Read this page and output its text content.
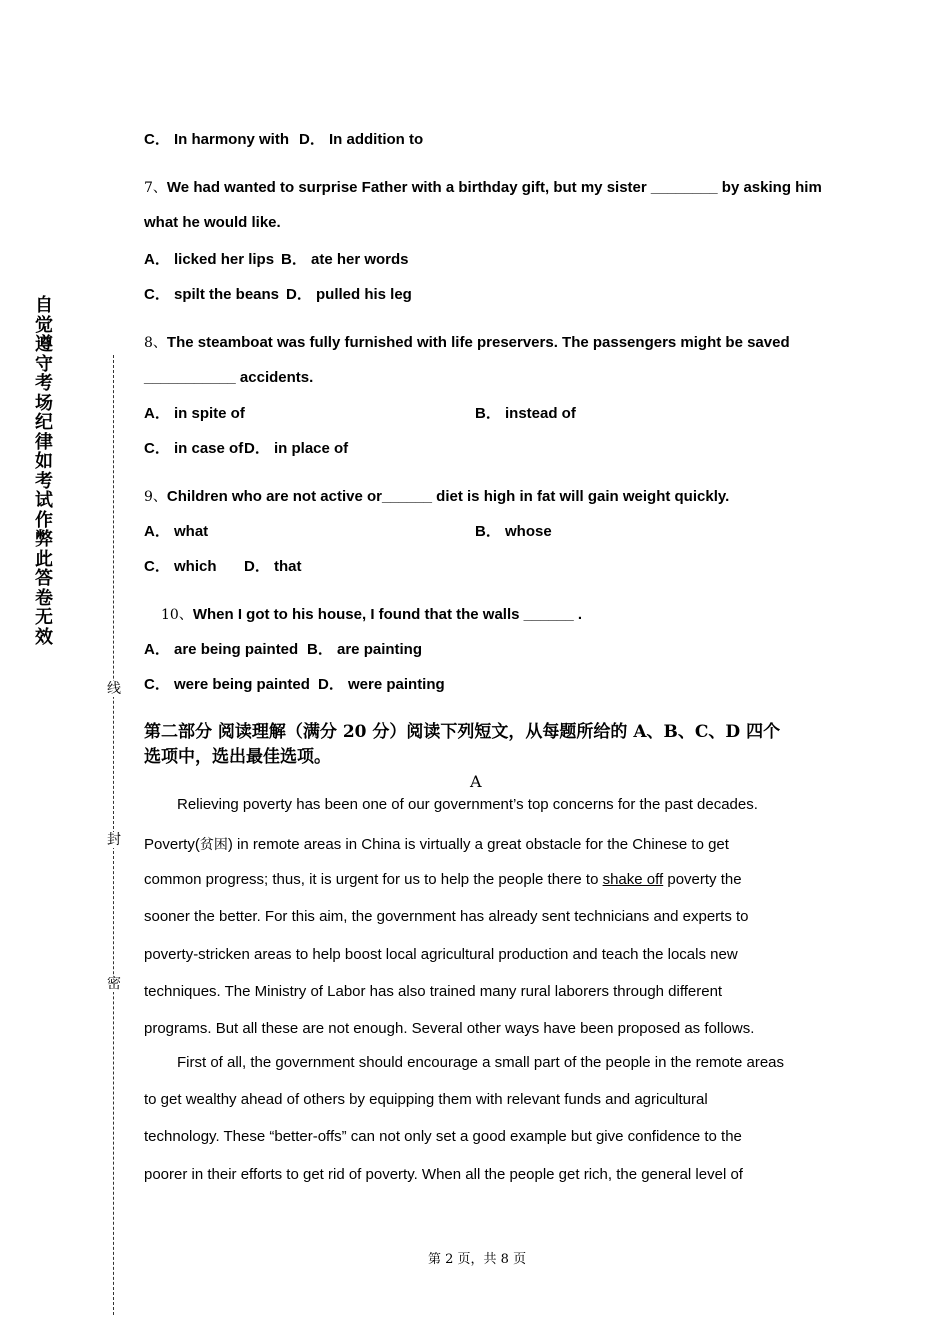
自觉遵守考场纪律如考试作弊此答卷无效
线
封
密
C． In harmony with D． In addition to
7、We had wanted to surprise Father with a birthday gift, but my sister ________ by asking him
what he would like.
A． licked her lips B． ate her words
C． spilt the beans D． pulled his leg
8、The steamboat was fully furnished with life preservers. The passengers might be saved
___________ accidents.
A． in spite of	B． instead of
C． in case of D． in place of
9、Children who are not active or______ diet is high in fat will gain weight quickly.
A． what	B． whose
C． which D． that
10、When I got to his house, I found that the walls ______ .
A． are being painted B． are painting
C． were being painted D． were painting
第二部分 阅读理解（满分 20 分）阅读下列短文，从每题所给的 A、B、C、D 四个
选项中，选出最佳选项。
A
Relieving poverty has been one of our government’s top concerns for the past decades.
Poverty(贫困) in remote areas in China is virtually a great obstacle for the Chinese to get
common progress; thus, it is urgent for us to help the people there to shake off poverty the
sooner the better. For this aim, the government has already sent technicians and experts to
poverty-stricken areas to help boost local agricultural production and teach the locals new
techniques. The Ministry of Labor has also trained many rural laborers through different
programs. But all these are not enough. Several other ways have been proposed as follows.
First of all, the government should encourage a small part of the people in the remote areas
to get wealthy ahead of others by equipping them with relevant funds and agricultural
technology. These “better-offs” can not only set a good example but give confidence to the
poorer in their efforts to get rid of poverty. When all the people get rich, the general level of
第 2 页，共 8 页
